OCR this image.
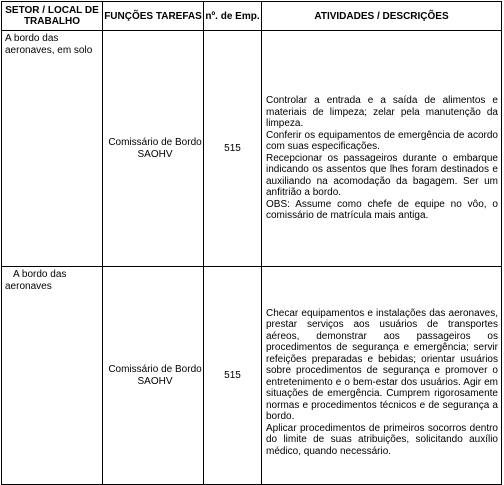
SETOR / LOCAL DE TRABALHO	FUNÇÕES TAREFAS	nº. de Emp.	ATIVIDADES / DESCRIÇÕES
A bordo das aeronaves, em solo	Comissário de Bordo SAOHV	515	Controlar a entrada e a saída de alimentos e materiais de limpeza; zelar pela manutenção da limpeza.

Conferir os equipamentos de emergência de acordo com suas especificações.

Recepcionar os passageiros durante o embarque indicando os assentos que lhes foram destinados e auxiliando na acomodação da bagagem. Ser um anfitrião a bordo.

OBS: Assume como chefe de equipe no vôo, o comissário de matrícula mais antiga.

A bordo das aeronaves	Comissário de Bordo SAOHV	515	Checar equipamentos e instalações das aeronaves, prestar serviços aos usuários de transportes aéreos, demonstrar aos passageiros os procedimentos de segurança e emergência; servir refeições preparadas e bebidas; orientar usuários sobre procedimentos de segurança e promover o entretenimento e o bem-estar dos usuários. Agir em situações de emergência. Cumprem rigorosamente normas e procedimentos técnicos e de segurança a bordo.

Aplicar procedimentos de primeiros socorros dentro do limite de suas atribuições, solicitando auxílio médico, quando necessário.
